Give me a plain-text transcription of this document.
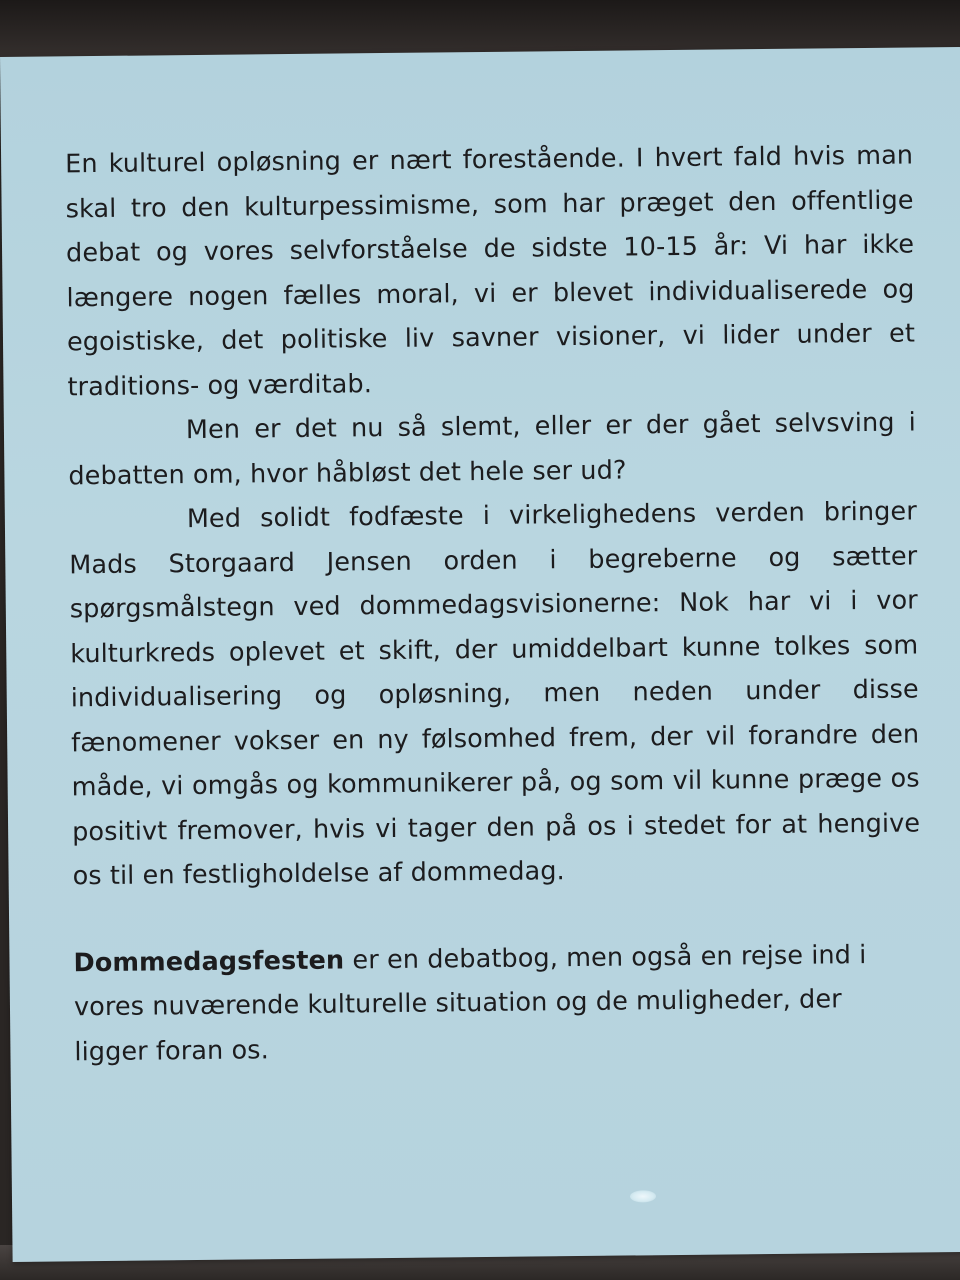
En kulturel opløsning er nært forestående. I hvert fald hvis man skal tro den kulturpessimisme, som har præget den offentlige debat og vores selvforståelse de sidste 10-15 år: Vi har ikke længere nogen fælles moral, vi er blevet individualiserede og egoistiske, det politiske liv savner visioner, vi lider under et traditions- og værditab.

Men er det nu så slemt, eller er der gået selvsving i debatten om, hvor håbløst det hele ser ud?

Med solidt fodfæste i virkelighedens verden bringer Mads Storgaard Jensen orden i begreberne og sætter spørgsmålstegn ved dommedagsvisionerne: Nok har vi i vor kulturkreds oplevet et skift, der umiddelbart kunne tolkes som individualisering og opløsning, men neden under disse fænomener vokser en ny følsomhed frem, der vil forandre den måde, vi omgås og kommunikerer på, og som vil kunne præge os positivt fremover, hvis vi tager den på os i stedet for at hengive os til en festligholdelse af dommedag.

Dommedagsfesten er en debatbog, men også en rejse ind i vores nuværende kulturelle situation og de muligheder, der ligger foran os.
